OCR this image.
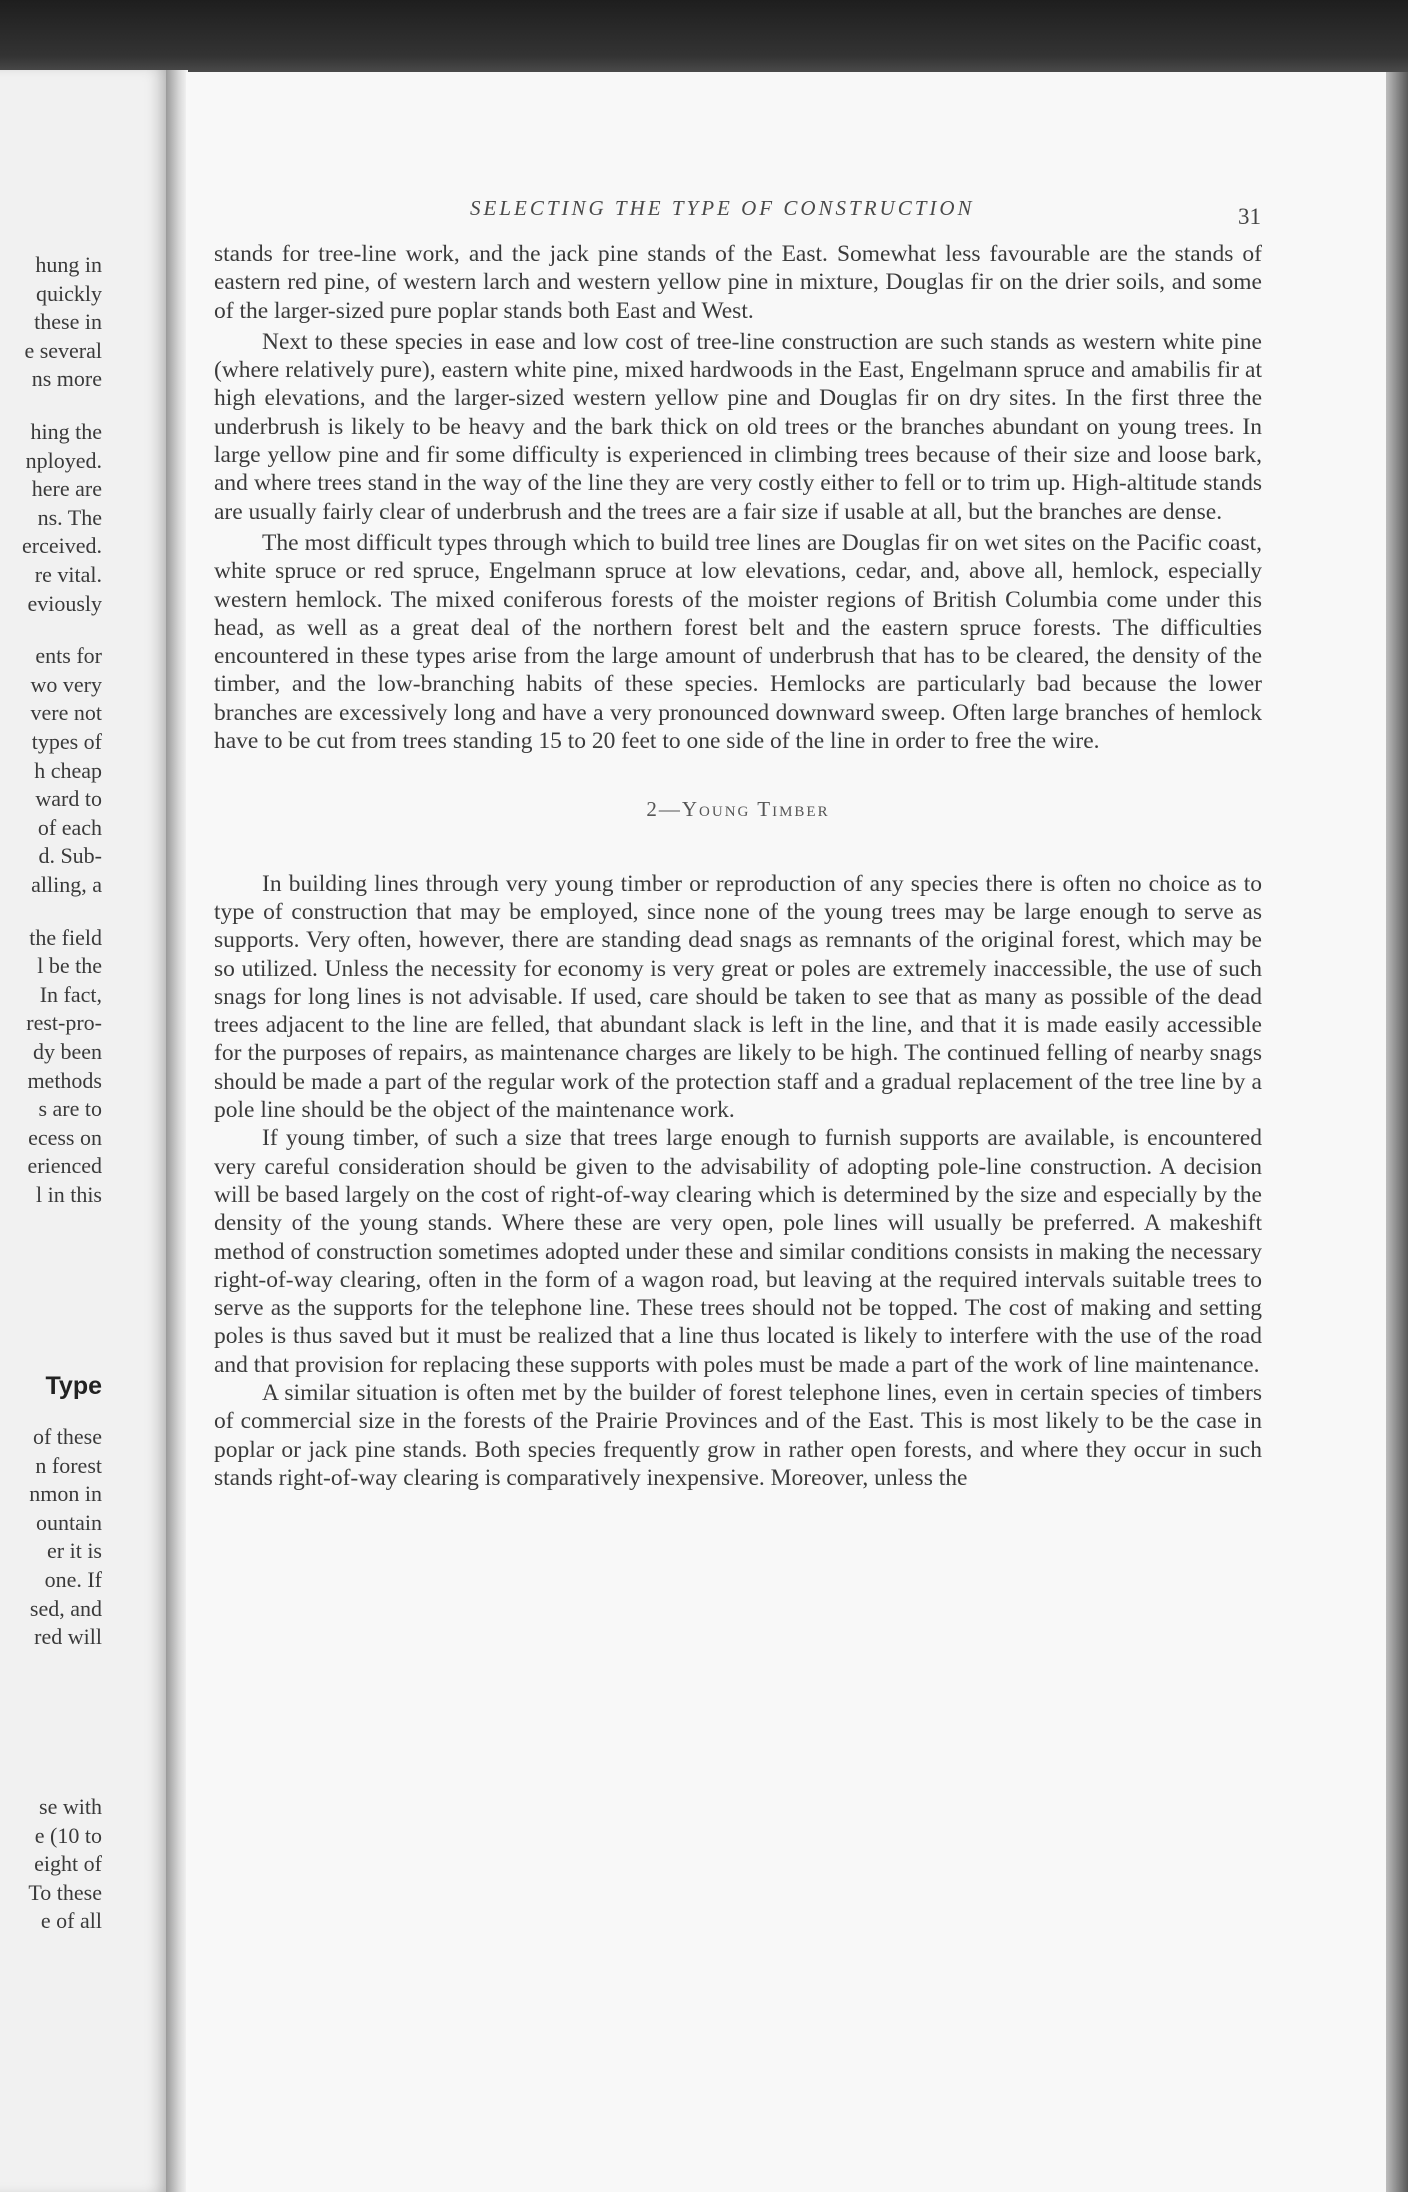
hung in
quickly
these in
e several
ns more
hing the
nployed.
here are
ns. The
erceived.
re vital.
eviously
ents for
wo very
vere not
types of
h cheap
ward to
of each
d. Sub-
alling, a
the field
l be the
In fact,
rest-pro-
dy been
methods
s are to
ecess on
erienced
l in this
Type
of these
n forest
nmon in
ountain
er it is
one. If
sed, and
red will
se with
e (10 to
eight of
To these
e of all
SELECTING THE TYPE OF CONSTRUCTION	31

stands for tree-line work, and the jack pine stands of the East. Somewhat less favourable are the stands of eastern red pine, of western larch and western yellow pine in mixture, Douglas fir on the drier soils, and some of the larger-sized pure poplar stands both East and West.

Next to these species in ease and low cost of tree-line construction are such stands as western white pine (where relatively pure), eastern white pine, mixed hardwoods in the East, Engelmann spruce and amabilis fir at high elevations, and the larger-sized western yellow pine and Douglas fir on dry sites. In the first three the underbrush is likely to be heavy and the bark thick on old trees or the branches abundant on young trees. In large yellow pine and fir some difficulty is experienced in climbing trees because of their size and loose bark, and where trees stand in the way of the line they are very costly either to fell or to trim up. High-altitude stands are usually fairly clear of underbrush and the trees are a fair size if usable at all, but the branches are dense.

The most difficult types through which to build tree lines are Douglas fir on wet sites on the Pacific coast, white spruce or red spruce, Engelmann spruce at low elevations, cedar, and, above all, hemlock, especially western hemlock. The mixed coniferous forests of the moister regions of British Columbia come under this head, as well as a great deal of the northern forest belt and the eastern spruce forests. The difficulties encountered in these types arise from the large amount of underbrush that has to be cleared, the density of the timber, and the low-branching habits of these species. Hemlocks are particularly bad because the lower branches are excessively long and have a very pronounced downward sweep. Often large branches of hemlock have to be cut from trees standing 15 to 20 feet to one side of the line in order to free the wire.

2—Young Timber

In building lines through very young timber or reproduction of any species there is often no choice as to type of construction that may be employed, since none of the young trees may be large enough to serve as supports. Very often, however, there are standing dead snags as remnants of the original forest, which may be so utilized. Unless the necessity for economy is very great or poles are extremely inaccessible, the use of such snags for long lines is not advisable. If used, care should be taken to see that as many as possible of the dead trees adjacent to the line are felled, that abundant slack is left in the line, and that it is made easily accessible for the purposes of repairs, as maintenance charges are likely to be high. The continued felling of nearby snags should be made a part of the regular work of the protection staff and a gradual replacement of the tree line by a pole line should be the object of the maintenance work.

If young timber, of such a size that trees large enough to furnish supports are available, is encountered very careful consideration should be given to the advisability of adopting pole-line construction. A decision will be based largely on the cost of right-of-way clearing which is determined by the size and especially by the density of the young stands. Where these are very open, pole lines will usually be preferred. A makeshift method of construction sometimes adopted under these and similar conditions consists in making the necessary right-of-way clearing, often in the form of a wagon road, but leaving at the required intervals suitable trees to serve as the supports for the telephone line. These trees should not be topped. The cost of making and setting poles is thus saved but it must be realized that a line thus located is likely to interfere with the use of the road and that provision for replacing these supports with poles must be made a part of the work of line maintenance.

A similar situation is often met by the builder of forest telephone lines, even in certain species of timbers of commercial size in the forests of the Prairie Provinces and of the East. This is most likely to be the case in poplar or jack pine stands. Both species frequently grow in rather open forests, and where they occur in such stands right-of-way clearing is comparatively inexpensive. Moreover, unless the
